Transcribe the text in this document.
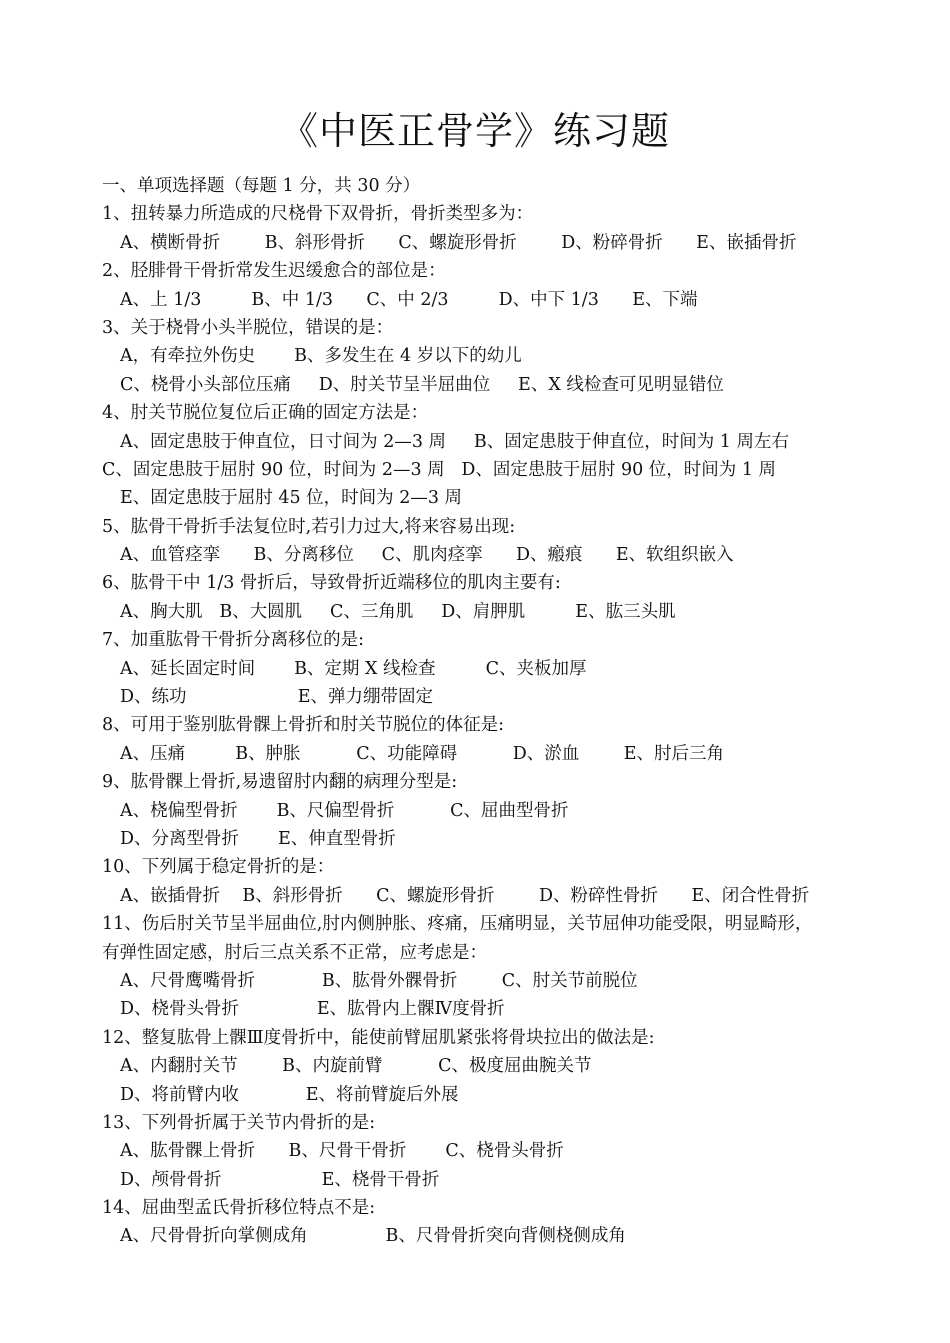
《中医正骨学》练习题
一、单项选择题（每题 1 分，共 30 分）
1、扭转暴力所造成的尺桡骨下双骨折，骨折类型多为：
A、横断骨折        B、斜形骨折      C、螺旋形骨折        D、粉碎骨折      E、嵌插骨折
2、胫腓骨干骨折常发生迟缓愈合的部位是：
A、上 1/3         B、中 1/3      C、中 2/3         D、中下 1/3      E、下端
3、关于桡骨小头半脱位，错误的是：
A，有牵拉外伤史       B、多发生在 4 岁以下的幼儿
C、桡骨小头部位压痛     D、肘关节呈半屈曲位     E、X 线检查可见明显错位
4、肘关节脱位复位后正确的固定方法是：
A、固定患肢于伸直位，日寸间为 2—3 周     B、固定患肢于伸直位，时间为 1 周左右
C、固定患肢于屈肘 90 位，时间为 2—3 周   D、固定患肢于屈肘 90 位，时间为 1 周
E、固定患肢于屈肘 45 位，时间为 2—3 周
5、肱骨干骨折手法复位时,若引力过大,将来容易出现:
A、血管痉挛      B、分离移位     C、肌肉痉挛      D、瘢痕      E、软组织嵌入
6、肱骨干中 1/3 骨折后，导致骨折近端移位的肌肉主要有:
A、胸大肌   B、大圆肌     C、三角肌     D、肩胛肌         E、肱三头肌
7、加重肱骨干骨折分离移位的是:
A、延长固定时间       B、定期 X 线检查         C、夹板加厚
D、练功                    E、弹力绷带固定
8、可用于鉴别肱骨髁上骨折和肘关节脱位的体征是:
A、压痛         B、肿胀          C、功能障碍          D、淤血        E、肘后三角
9、肱骨髁上骨折,易遗留肘内翻的病理分型是:
A、桡偏型骨折       B、尺偏型骨折          C、屈曲型骨折
D、分离型骨折       E、伸直型骨折
10、下列属于稳定骨折的是：
A、嵌插骨折    B、斜形骨折      C、螺旋形骨折        D、粉碎性骨折      E、闭合性骨折
11、伤后肘关节呈半屈曲位,肘内侧肿胀、疼痛，压痛明显，关节屈伸功能受限，明显畸形，
有弹性固定感，肘后三点关系不正常，应考虑是：
A、尺骨鹰嘴骨折            B、肱骨外髁骨折        C、肘关节前脱位
D、桡骨头骨折              E、肱骨内上髁Ⅳ度骨折
12、整复肱骨上髁Ⅲ度骨折中，能使前臂屈肌紧张将骨块拉出的做法是:
A、内翻肘关节        B、内旋前臂          C、极度屈曲腕关节
D、将前臂内收            E、将前臂旋后外展
13、下列骨折属于关节内骨折的是:
A、肱骨髁上骨折      B、尺骨干骨折       C、桡骨头骨折
D、颅骨骨折                  E、桡骨干骨折
14、屈曲型孟氏骨折移位特点不是:
A、尺骨骨折向掌侧成角              B、尺骨骨折突向背侧桡侧成角
